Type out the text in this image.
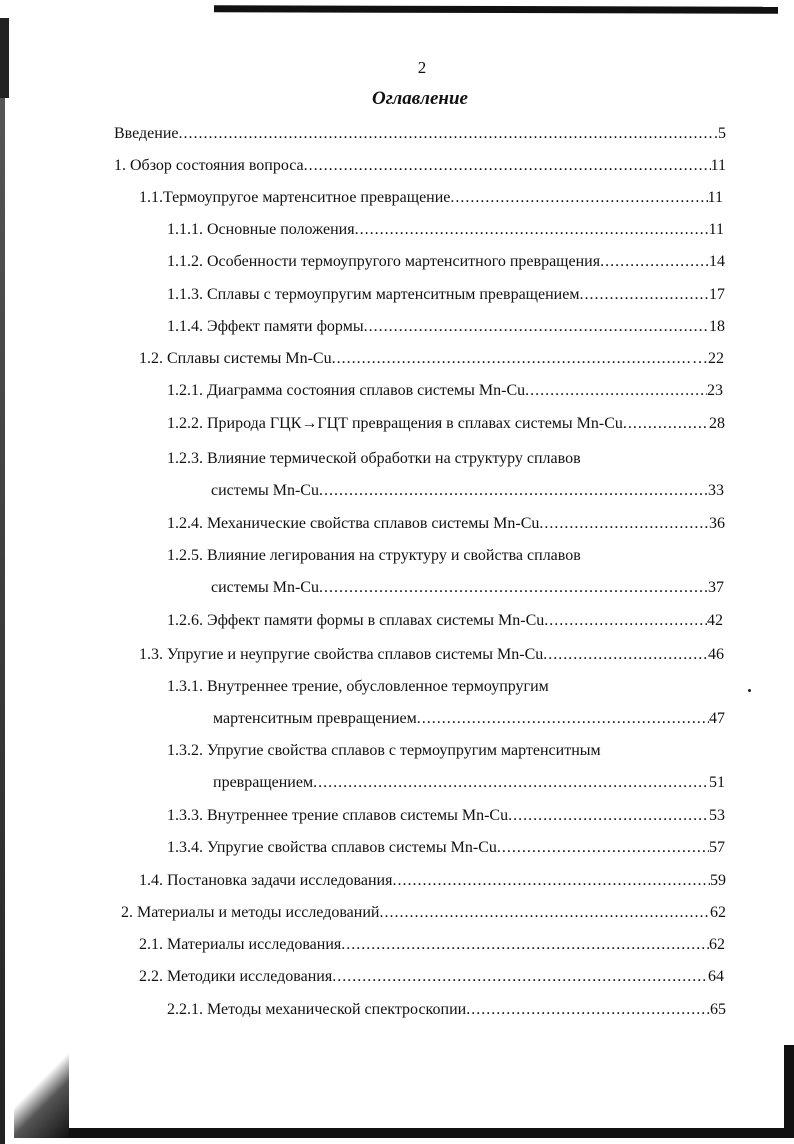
2
Оглавление
Введение .....	.5
1. Обзор состояния вопроса .....	11
1.1.Термоупругое мартенситное превращение .....	11
1.1.1. Основные положения .....	11
1.1.2. Особенности термоупругого мартенситного превращения .....	14
1.1.3. Сплавы с термоупругим мартенситным превращением .....	17
1.1.4. Эффект памяти формы .....	18
1.2. Сплавы системы Mn-Cu .....	…22
1.2.1. Диаграмма состояния сплавов системы Mn-Cu .....	23
1.2.2. Природа ГЦК→ГЦТ превращения в сплавах системы Mn-Cu .....	28
1.2.3. Влияние термической обработки на структуру сплавов
системы Mn-Cu .....	33
1.2.4. Механические свойства сплавов системы Mn-Cu .....	36
1.2.5. Влияние легирования на структуру и свойства сплавов
системы Mn-Cu .....	37
1.2.6. Эффект памяти формы в сплавах системы Mn-Cu .....	42
1.3. Упругие и неупругие свойства сплавов системы Mn-Cu .....	46
1.3.1. Внутреннее трение, обусловленное термоупругим
мартенситным превращением .....	47
1.3.2. Упругие свойства сплавов с термоупругим мартенситным
превращением .....	51
1.3.3. Внутреннее трение сплавов системы Mn-Cu .....	53
1.3.4. Упругие свойства сплавов системы Mn-Cu .....	57
1.4. Постановка задачи исследования .....	59
2. Материалы и методы исследований .....	62
2.1. Материалы исследования .....	62
2.2. Методики исследования .....	64
2.2.1. Методы механической спектроскопии .....	65
